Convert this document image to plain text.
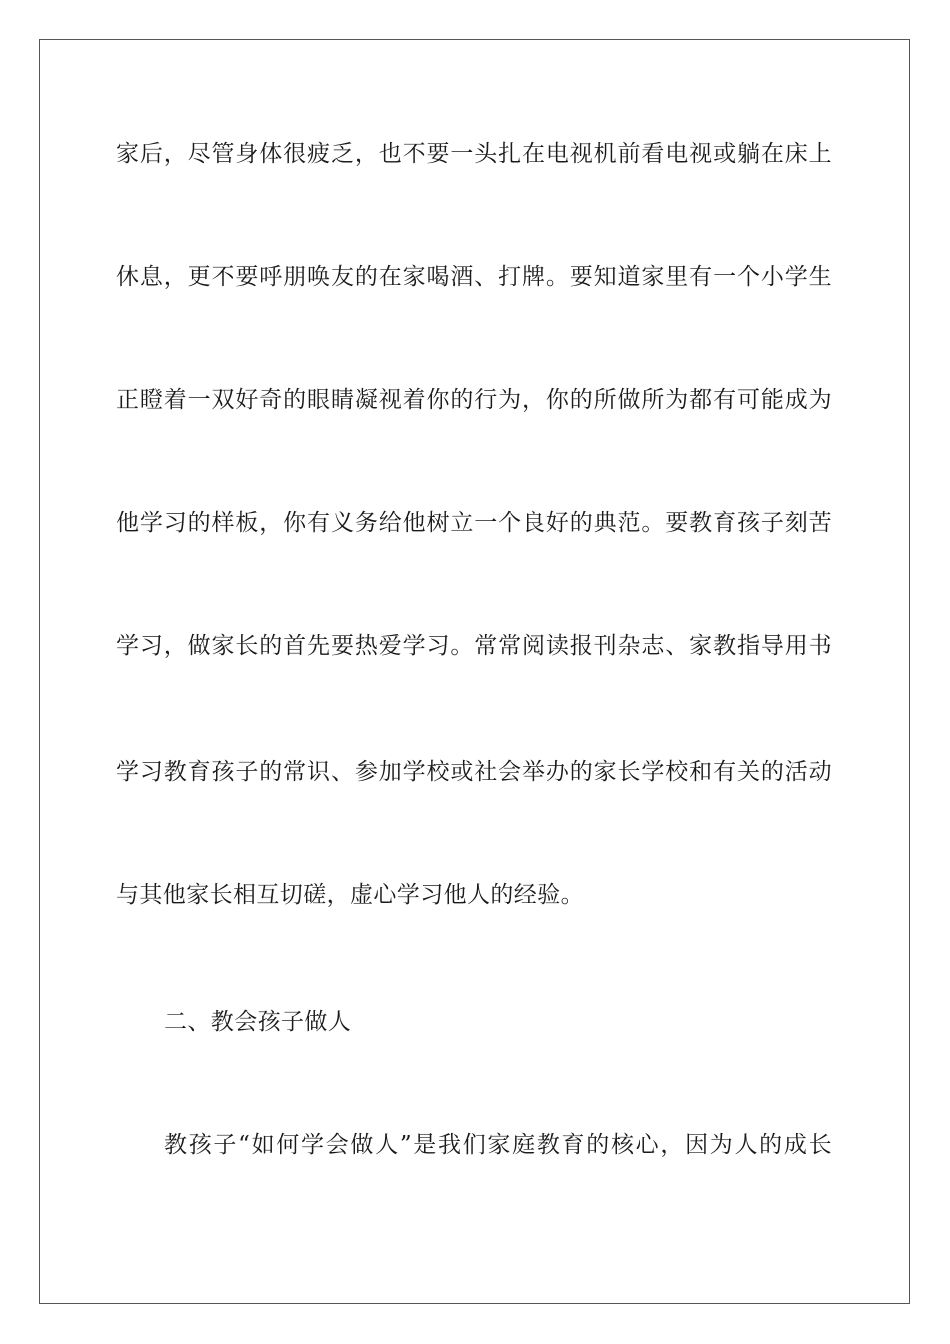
家后，尽管身体很疲乏，也不要一头扎在电视机前看电视或躺在床上
休息，更不要呼朋唤友的在家喝酒、打牌。要知道家里有一个小学生
正瞪着一双好奇的眼睛凝视着你的行为，你的所做所为都有可能成为
他学习的样板，你有义务给他树立一个良好的典范。要教育孩子刻苦
学习，做家长的首先要热爱学习。常常阅读报刊杂志、家教指导用书
学习教育孩子的常识、参加学校或社会举办的家长学校和有关的活动
与其他家长相互切磋，虚心学习他人的经验。
二、教会孩子做人
教孩子“如何学会做人”是我们家庭教育的核心，因为人的成长
